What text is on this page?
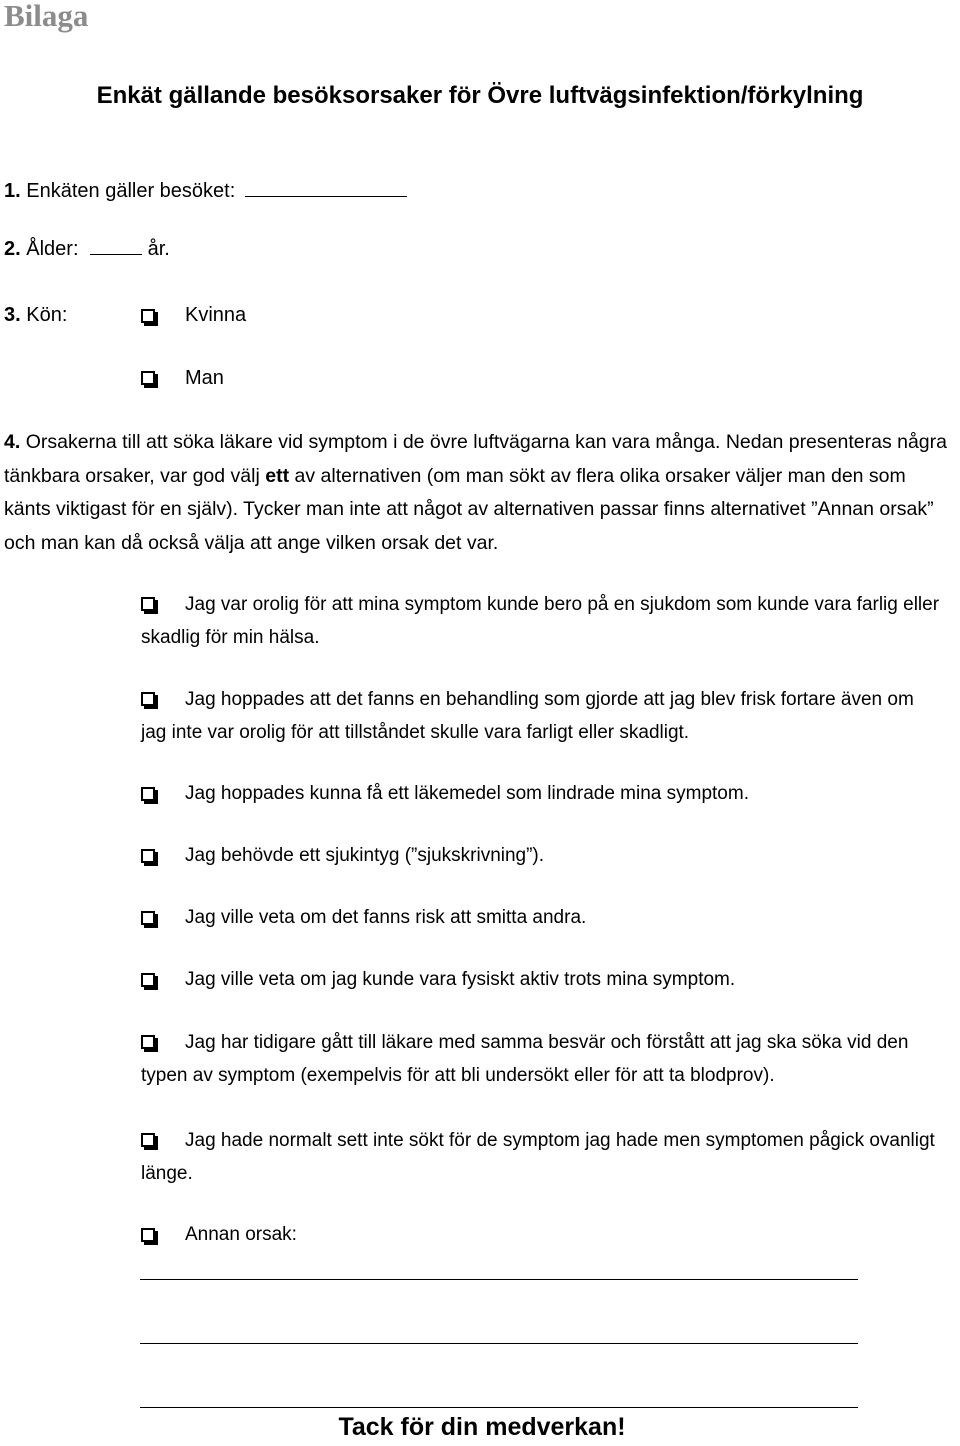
Bilaga
Enkät gällande besöksorsaker för Övre luftvägsinfektion/förkylning
1. Enkäten gäller besöket:
2. Ålder:	år.
3. Kön:	Kvinna
Man
4. Orsakerna till att söka läkare vid symptom i de övre luftvägarna kan vara många. Nedan presenteras några tänkbara orsaker, var god välj ett av alternativen (om man sökt av flera olika orsaker väljer man den som känts viktigast för en själv). Tycker man inte att något av alternativen passar finns alternativet ”Annan orsak” och man kan då också välja att ange vilken orsak det var.
Jag var orolig för att mina symptom kunde bero på en sjukdom som kunde vara farlig eller skadlig för min hälsa.
Jag hoppades att det fanns en behandling som gjorde att jag blev frisk fortare även om jag inte var orolig för att tillståndet skulle vara farligt eller skadligt.
Jag hoppades kunna få ett läkemedel som lindrade mina symptom.
Jag behövde ett sjukintyg (”sjukskrivning”).
Jag ville veta om det fanns risk att smitta andra.
Jag ville veta om jag kunde vara fysiskt aktiv trots mina symptom.
Jag har tidigare gått till läkare med samma besvär och förstått att jag ska söka vid den typen av symptom (exempelvis för att bli undersökt eller för att ta blodprov).
Jag hade normalt sett inte sökt för de symptom jag hade men symptomen pågick ovanligt länge.
Annan orsak:
Tack för din medverkan!
